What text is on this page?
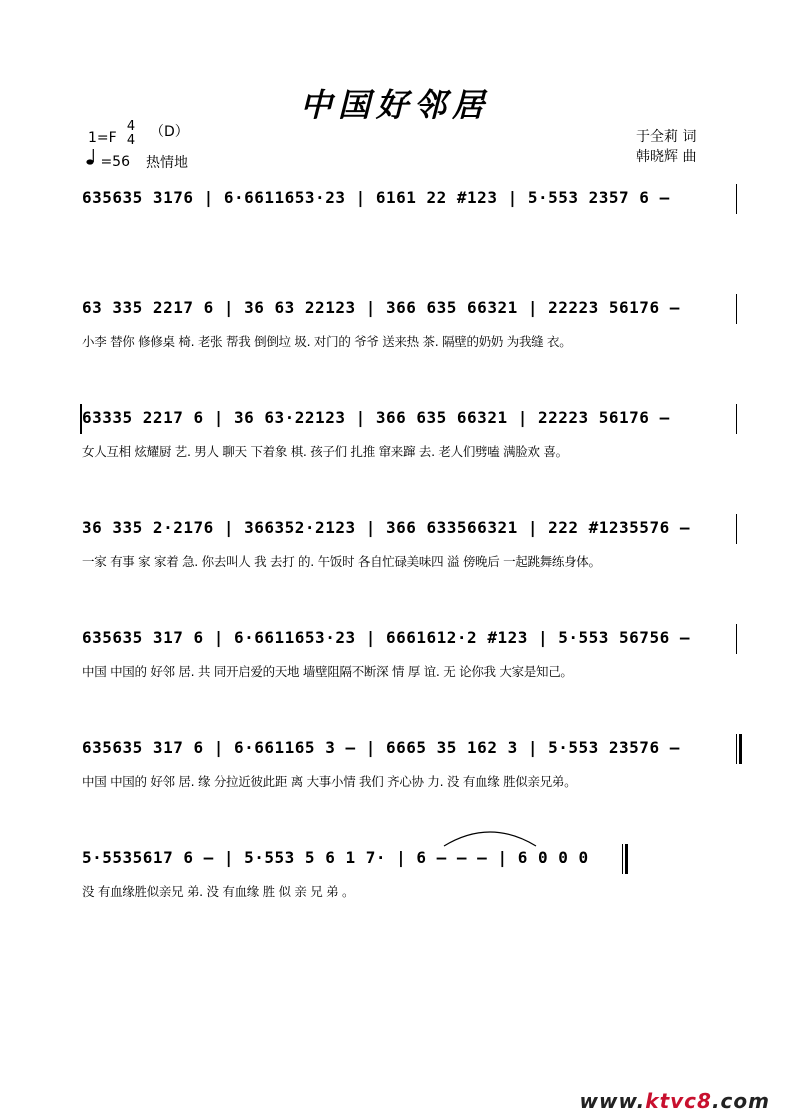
中国好邻居
1=F
4
4
（D）
=56 热情地
于全莉 词
韩晓辉 曲
635635 3176 | 6·6611653·23 | 6161 22 #123 | 5·553 2357 6 –
63 335 2217 6 | 36 63 22123 | 366 635 66321 | 22223 56176 –
小李 替你 修修桌 椅. 老张 帮我 倒倒垃 圾. 对门的 爷爷 送来热 茶. 隔壁的奶奶 为我缝 衣。
63335 2217 6 | 36 63·22123 | 366 635 66321 | 22223 56176 –
女人互相 炫耀厨 艺. 男人 聊天 下着象 棋. 孩子们 扎推 窜来蹿 去. 老人们劈嗑 满脸欢 喜。
36 335 2·2176 | 366352·2123 | 366 633566321 | 222 #1235576 –
一家 有事 家 家着 急. 你去叫人 我 去打 的. 午饭时 各自忙碌美味四 溢 傍晚后 一起跳舞练身体。
635635 317 6 | 6·6611653·23 | 6661612·2 #123 | 5·553 56756 –
中国 中国的 好邻 居. 共 同开启爱的天地 墙壁阻隔不断深 情 厚 谊. 无 论你我 大家是知己。
635635 317 6 | 6·661165 3 – | 6665 35 162 3 | 5·553 23576 –
中国 中国的 好邻 居. 缘 分拉近彼此距 离 大事小情 我们 齐心协 力. 没 有血缘 胜似亲兄弟。
5·5535617 6 – | 5·553 5 6 1 7· | 6 – – – | 6 0 0 0
没 有血缘胜似亲兄 弟. 没 有血缘 胜 似 亲 兄 弟 。
www.ktvc8.com
